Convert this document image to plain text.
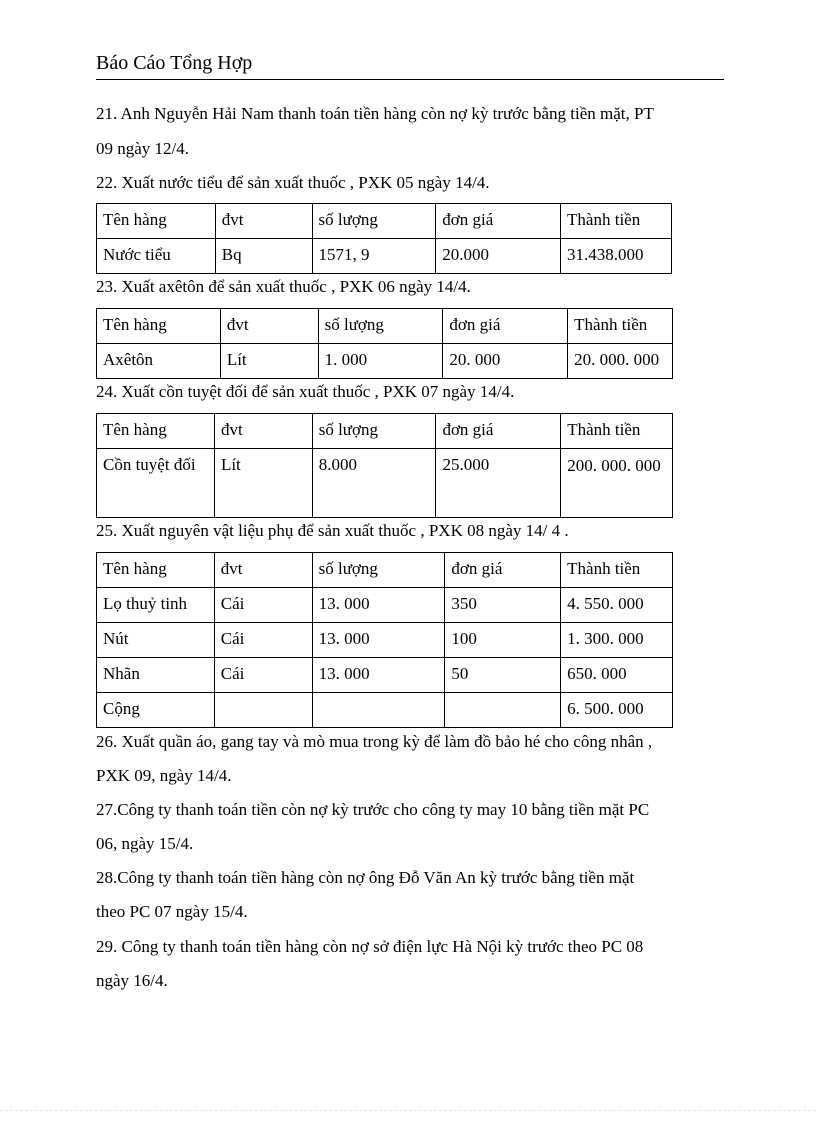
Báo Cáo Tổng Hợp
21. Anh Nguyễn Hải Nam thanh toán tiền hàng còn nợ kỳ trước bằng tiền mặt, PT
09 ngày 12/4.
22. Xuất nước tiểu để sản xuất thuốc , PXK 05 ngày 14/4.
Tên hàng	đvt	số lượng	đơn giá	Thành tiền
Nước tiểu	Bq	1571, 9	20.000	31.438.000
23. Xuất axêtôn để sản xuất thuốc , PXK 06 ngày 14/4.
Tên hàng	đvt	số lượng	đơn giá	Thành tiền
Axêtôn	Lít	1. 000	20. 000	20. 000. 000
24. Xuất cồn tuyệt đối để sản xuất thuốc , PXK 07 ngày 14/4.
Tên hàng	đvt	số lượng	đơn giá	Thành tiền
Cồn tuyệt đối	Lít	8.000	25.000	200. 000. 000
25. Xuất nguyên vật liệu phụ để sản xuất thuốc , PXK 08 ngày 14/ 4 .
Tên hàng	đvt	số lượng	đơn giá	Thành tiền
Lọ thuỷ tinh	Cái	13. 000	350	4. 550. 000
Nút	Cái	13. 000	100	1. 300. 000
Nhãn	Cái	13. 000	50	650. 000
Cộng				6. 500. 000
26. Xuất quần áo, gang tay và mò mua trong kỳ để làm đồ bảo hé cho công nhân ,
PXK 09, ngày 14/4.
27.Công ty thanh toán tiền còn nợ kỳ trước cho công ty may 10 bằng tiền mặt PC
06, ngày 15/4.
28.Công ty thanh toán tiền hàng còn nợ ông Đỗ Văn An kỳ trước bằng tiền mặt
theo PC 07 ngày 15/4.
29. Công ty thanh toán tiền hàng còn nợ sở điện lực Hà Nội kỳ trước theo PC 08
ngày 16/4.
